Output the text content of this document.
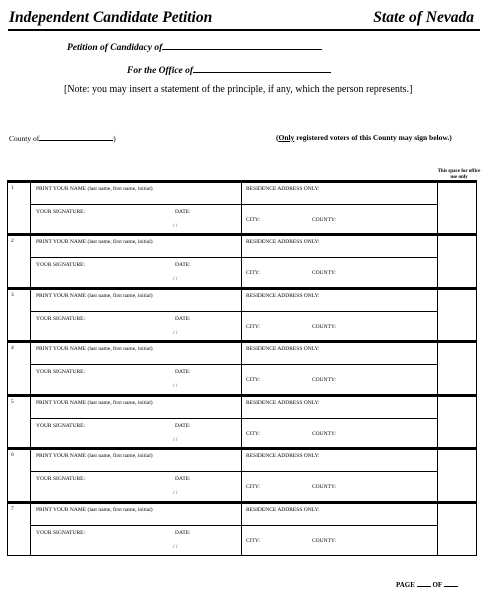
Independent Candidate Petition	State of Nevada
Petition of Candidacy of
For the Office of
[Note: you may insert a statement of the principle, if any, which the person represents.]
County of	)	(Only registered voters of this County may sign below.)
This space for office use only
1	PRINT YOUR NAME (last name, first name, initial)	RESIDENCE ADDRESS ONLY:
YOUR SIGNATURE:	DATE:
/ /
CITY:	COUNTY:
2	PRINT YOUR NAME (last name, first name, initial)	RESIDENCE ADDRESS ONLY:
YOUR SIGNATURE:	DATE:
/ /
CITY:	COUNTY:
3	PRINT YOUR NAME (last name, first name, initial)	RESIDENCE ADDRESS ONLY:
YOUR SIGNATURE:	DATE:
/ /
CITY:	COUNTY:
4	PRINT YOUR NAME (last name, first name, initial)	RESIDENCE ADDRESS ONLY:
YOUR SIGNATURE:	DATE:
/ /
CITY:	COUNTY:
5	PRINT YOUR NAME (last name, first name, initial)	RESIDENCE ADDRESS ONLY:
YOUR SIGNATURE:	DATE:
/ /
CITY:	COUNTY:
6	PRINT YOUR NAME (last name, first name, initial)	RESIDENCE ADDRESS ONLY:
YOUR SIGNATURE:	DATE:
/ /
CITY:	COUNTY:
7	PRINT YOUR NAME (last name, first name, initial)	RESIDENCE ADDRESS ONLY:
YOUR SIGNATURE:	DATE:
/ /
CITY:	COUNTY:
PAGE	OF
